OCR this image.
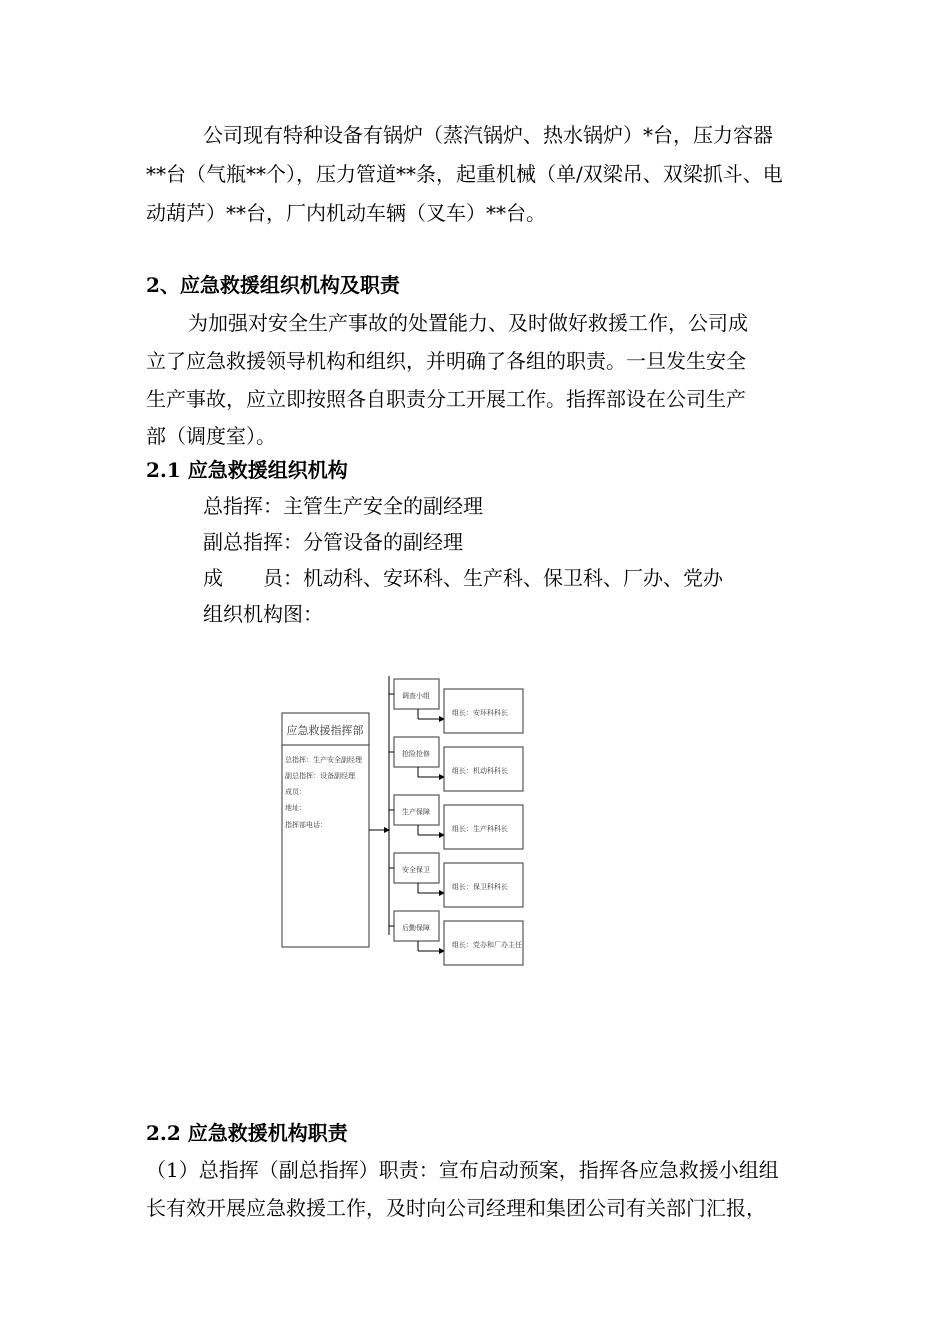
公司现有特种设备有锅炉（蒸汽锅炉、热水锅炉）*台，压力容器
**台（气瓶**个），压力管道**条，起重机械（单/双梁吊、双梁抓斗、电
动葫芦）**台，厂内机动车辆（叉车）**台。
2、应急救援组织机构及职责
为加强对安全生产事故的处置能力、及时做好救援工作，公司成
立了应急救援领导机构和组织，并明确了各组的职责。一旦发生安全
生产事故，应立即按照各自职责分工开展工作。指挥部设在公司生产
部（调度室）。
2.1 应急救援组织机构
总指挥：主管生产安全的副经理
副总指挥：分管设备的副经理
成　　员：机动科、安环科、生产科、保卫科、厂办、党办
组织机构图：
应急救援指挥部
总指挥：生产安全副经理
副总指挥：设备副经理
成员：
地址：
指挥部电话：
调查小组
组长：安环科科长
抢险抢修
组长：机动科科长
生产保障
组长：生产科科长
安全保卫
组长：保卫科科长
后勤保障
组长：党办和厂办主任
2.2 应急救援机构职责
（1）总指挥（副总指挥）职责：宣布启动预案，指挥各应急救援小组组
长有效开展应急救援工作，及时向公司经理和集团公司有关部门汇报，
